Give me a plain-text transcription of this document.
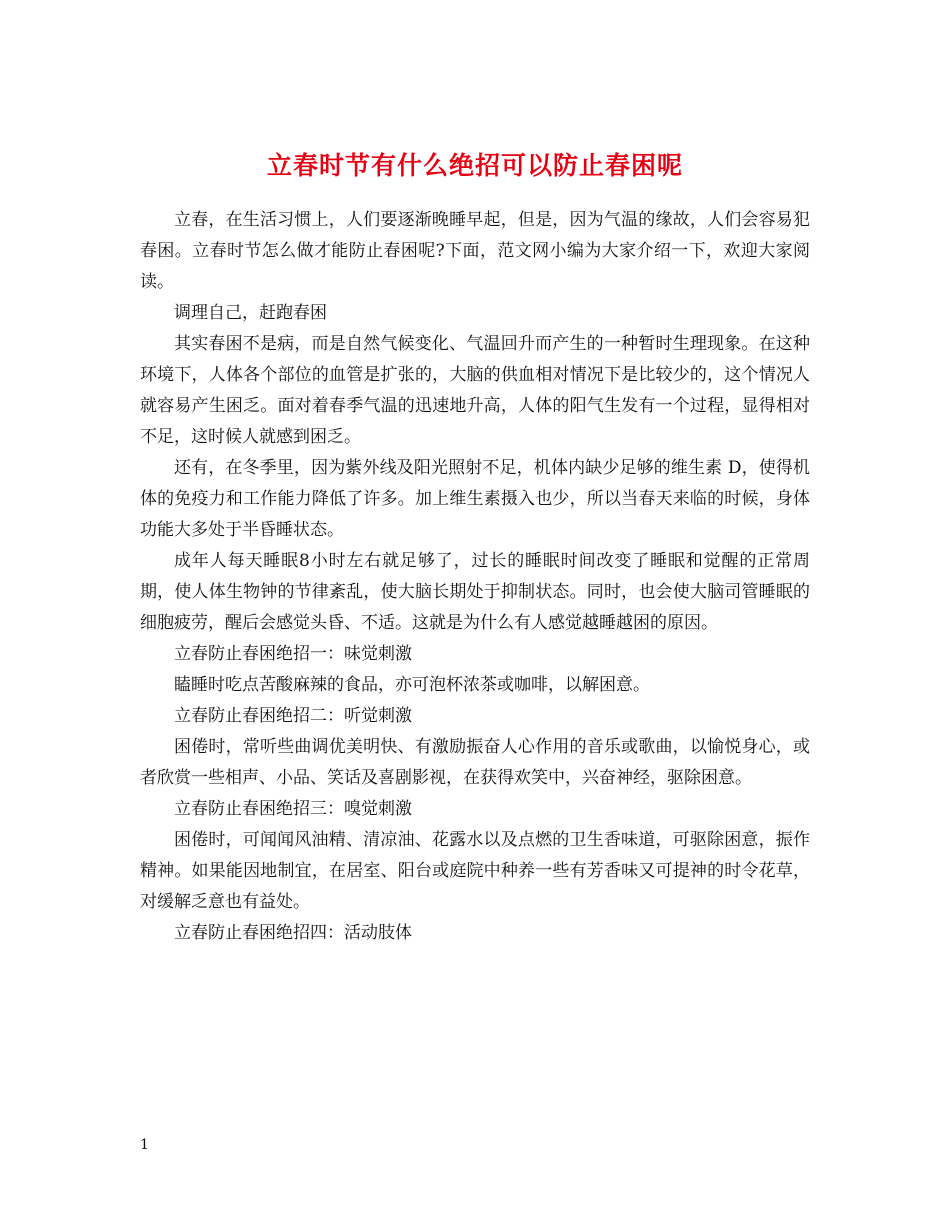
立春时节有什么绝招可以防止春困呢

立春，在生活习惯上，人们要逐渐晚睡早起，但是，因为气温的缘故，人们会容易犯春困。立春时节怎么做才能防止春困呢?下面，范文网小编为大家介绍一下，欢迎大家阅读。

调理自己，赶跑春困

其实春困不是病，而是自然气候变化、气温回升而产生的一种暂时生理现象。在这种环境下，人体各个部位的血管是扩张的，大脑的供血相对情况下是比较少的，这个情况人就容易产生困乏。面对着春季气温的迅速地升高，人体的阳气生发有一个过程，显得相对不足，这时候人就感到困乏。

还有，在冬季里，因为紫外线及阳光照射不足，机体内缺少足够的维生素 D，使得机体的免疫力和工作能力降低了许多。加上维生素摄入也少，所以当春天来临的时候，身体功能大多处于半昏睡状态。

成年人每天睡眠8小时左右就足够了，过长的睡眠时间改变了睡眠和觉醒的正常周期，使人体生物钟的节律紊乱，使大脑长期处于抑制状态。同时，也会使大脑司管睡眠的细胞疲劳，醒后会感觉头昏、不适。这就是为什么有人感觉越睡越困的原因。

立春防止春困绝招一：味觉刺激

瞌睡时吃点苦酸麻辣的食品，亦可泡杯浓茶或咖啡，以解困意。

立春防止春困绝招二：听觉刺激

困倦时，常听些曲调优美明快、有激励振奋人心作用的音乐或歌曲，以愉悦身心，或者欣赏一些相声、小品、笑话及喜剧影视，在获得欢笑中，兴奋神经，驱除困意。

立春防止春困绝招三：嗅觉刺激

困倦时，可闻闻风油精、清凉油、花露水以及点燃的卫生香味道，可驱除困意，振作精神。如果能因地制宜，在居室、阳台或庭院中种养一些有芳香味又可提神的时令花草，对缓解乏意也有益处。

立春防止春困绝招四：活动肢体

1
